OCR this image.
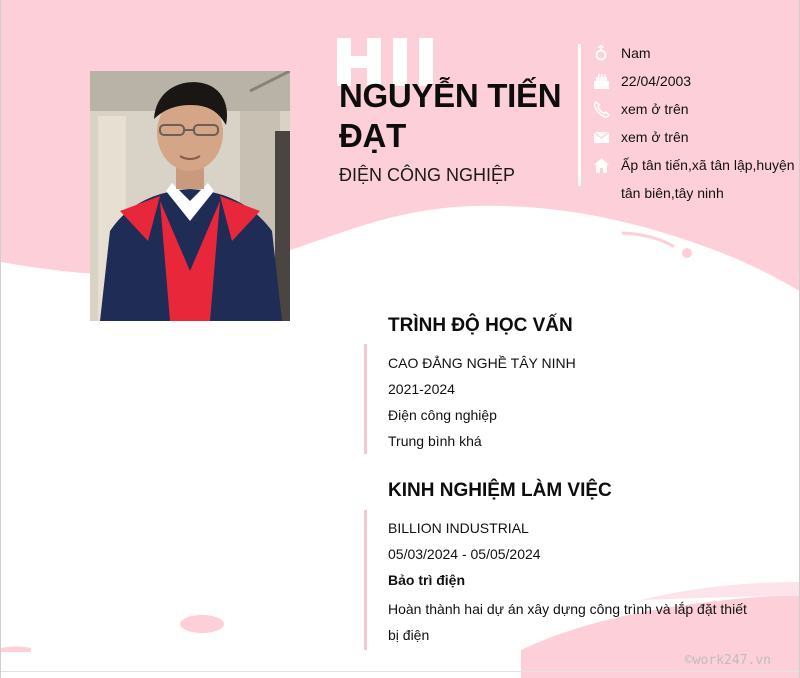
NGUYỄN TIẾN ĐẠT
ĐIỆN CÔNG NGHIỆP
Nam
22/04/2003
xem ở trên
xem ở trên
Ấp tân tiến,xã tân lập,huyện tân biên,tây ninh
TRÌNH ĐỘ HỌC VẤN
CAO ĐẲNG NGHỀ TÂY NINH
2021-2024
Điện công nghiệp
Trung bình khá
KINH NGHIỆM LÀM VIỆC
BILLION INDUSTRIAL
05/03/2024 - 05/05/2024
Bảo trì điện
Hoàn thành hai dự án xây dựng công trình và lắp đặt thiết bị điện
©work247.vn
